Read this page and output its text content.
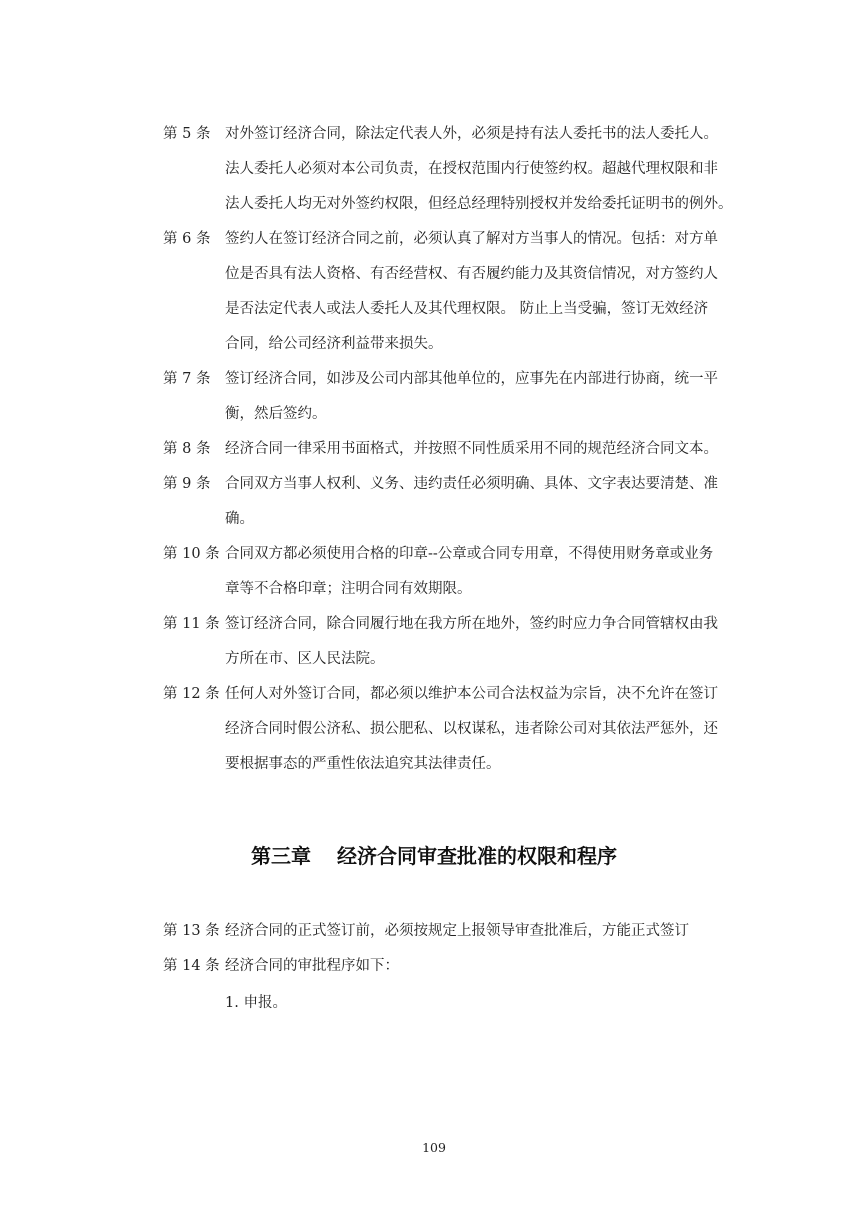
第 5 条	对外签订经济合同，除法定代表人外，必须是持有法人委托书的法人委托人。
法人委托人必须对本公司负责，在授权范围内行使签约权。超越代理权限和非
法人委托人均无对外签约权限，但经总经理特别授权并发给委托证明书的例外。
第 6 条	签约人在签订经济合同之前，必须认真了解对方当事人的情况。包括：对方单
位是否具有法人资格、有否经营权、有否履约能力及其资信情况，对方签约人
是否法定代表人或法人委托人及其代理权限。 防止上当受骗，签订无效经济
合同，给公司经济利益带来损失。
第 7 条	签订经济合同，如涉及公司内部其他单位的，应事先在内部进行协商，统一平
衡，然后签约。
第 8 条	经济合同一律采用书面格式，并按照不同性质采用不同的规范经济合同文本。
第 9 条	合同双方当事人权利、义务、违约责任必须明确、具体、文字表达要清楚、准
确。
第 10 条 合同双方都必须使用合格的印章--公章或合同专用章，不得使用财务章或业务
章等不合格印章；注明合同有效期限。
第 11 条 签订经济合同，除合同履行地在我方所在地外，签约时应力争合同管辖权由我
方所在市、区人民法院。
第 12 条 任何人对外签订合同，都必须以维护本公司合法权益为宗旨，决不允许在签订
经济合同时假公济私、损公肥私、以权谋私，违者除公司对其依法严惩外，还
要根据事态的严重性依法追究其法律责任。
第三章 经济合同审查批准的权限和程序
第 13 条 经济合同的正式签订前，必须按规定上报领导审查批准后，方能正式签订
第 14 条 经济合同的审批程序如下：
1. 申报。
109
